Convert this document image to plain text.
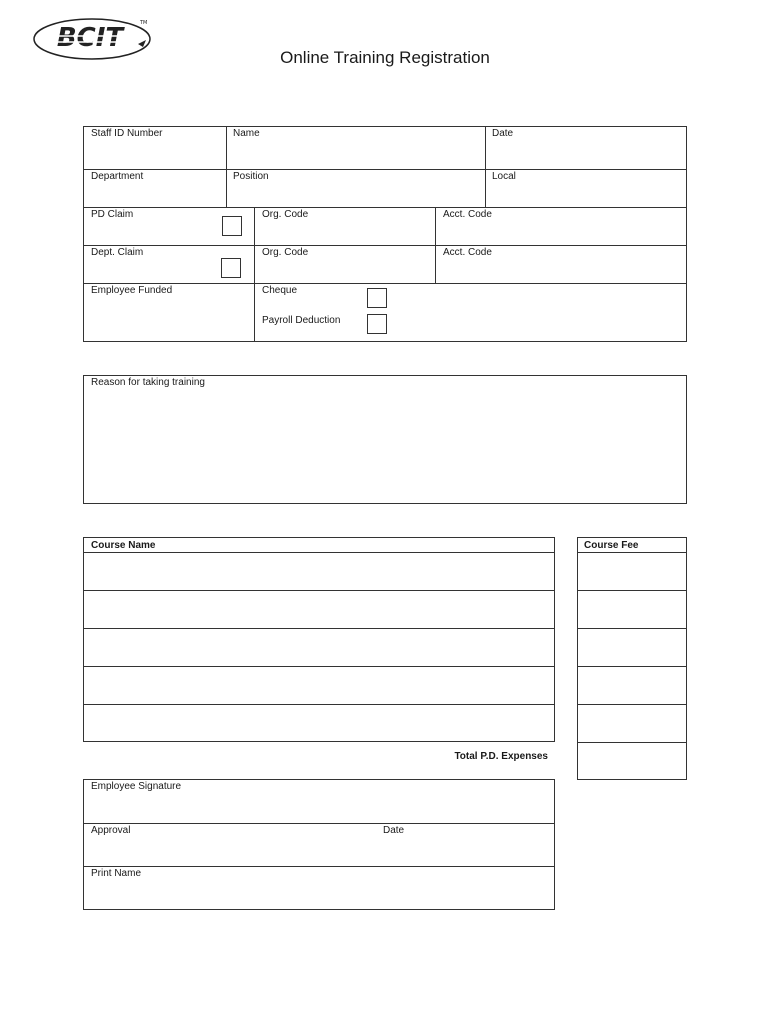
BCIT	TM
Online Training Registration
Staff ID Number	Name	Date
Department	Position	Local
PD Claim	Org. Code	Acct. Code
Dept. Claim	Org. Code	Acct. Code
Employee Funded	Cheque
Payroll Deduction
Reason for taking training
Course Name	Course Fee
Total P.D. Expenses
Employee Signature
Approval	Date
Print Name
